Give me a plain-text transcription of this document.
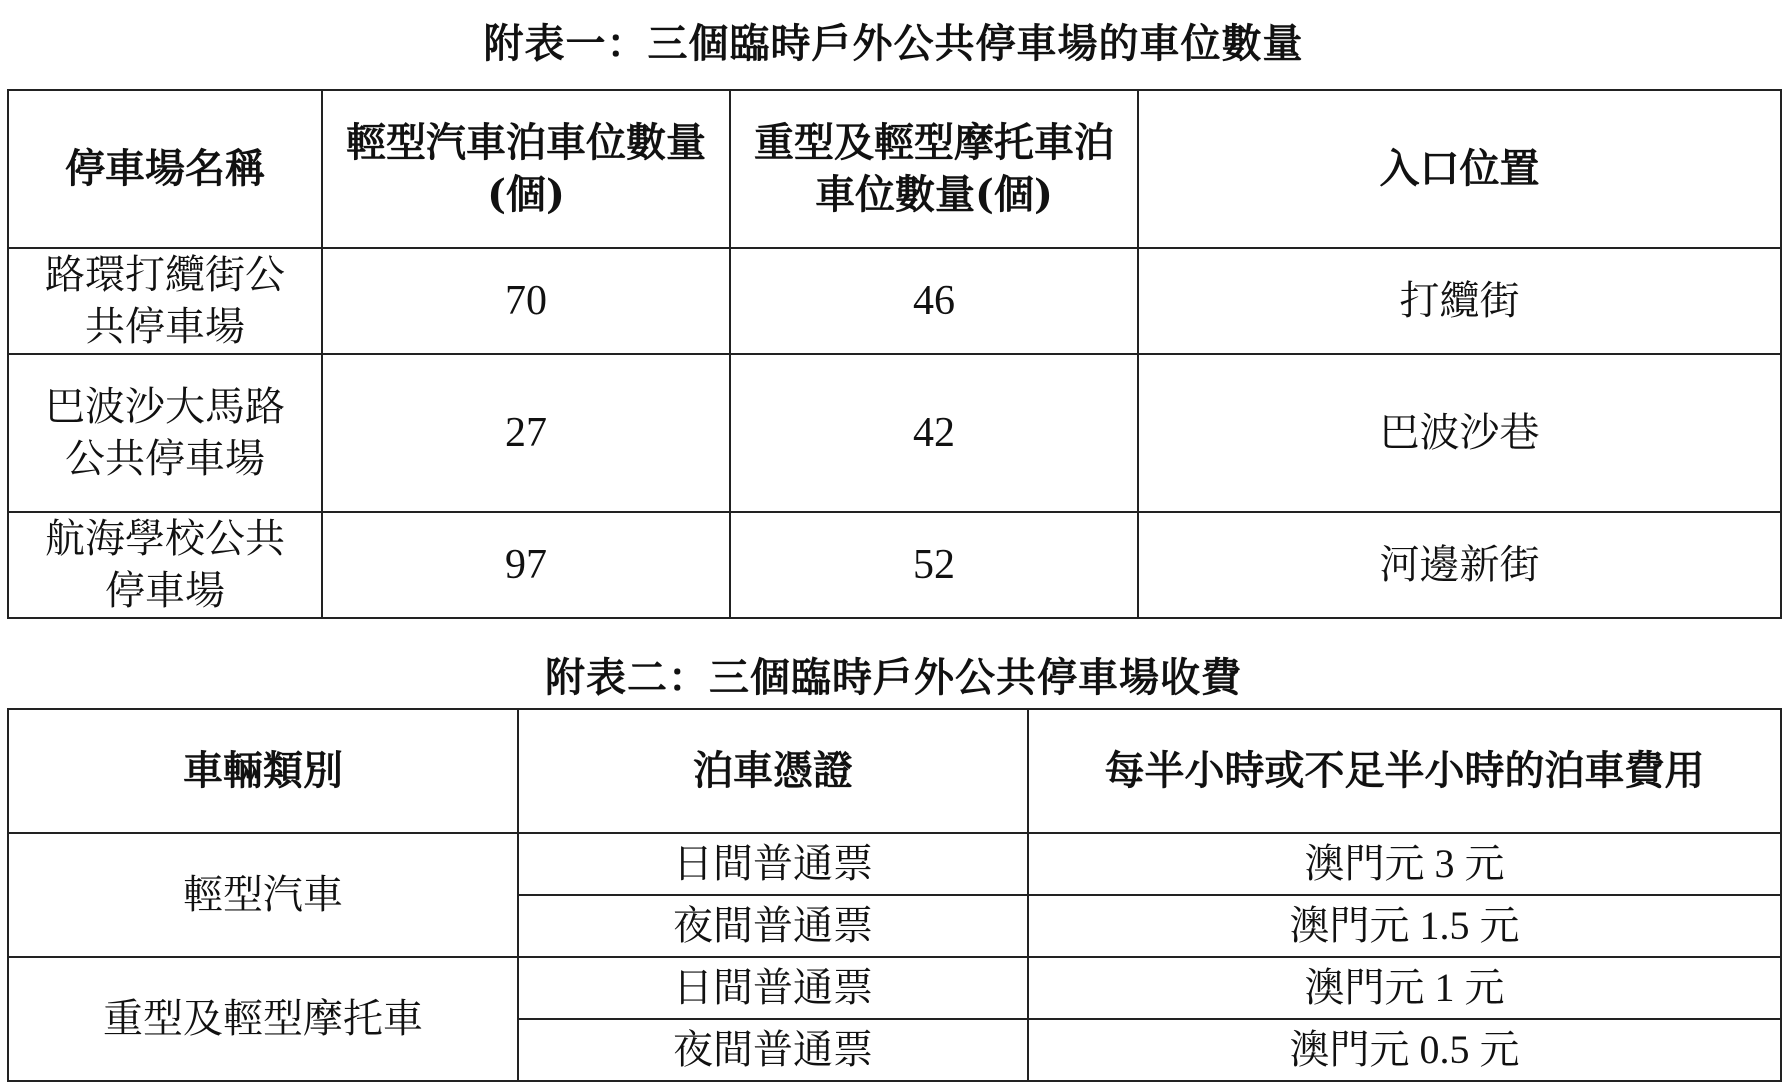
附表一：三個臨時戶外公共停車場的車位數量
停車場名稱	輕型汽車泊車位數量(個)	重型及輕型摩托車泊車位數量(個)	入口位置
路環打纜街公共停車場	70	46	打纜街
巴波沙大馬路公共停車場	27	42	巴波沙巷
航海學校公共停車場	97	52	河邊新街
附表二：三個臨時戶外公共停車場收費
車輛類別	泊車憑證	每半小時或不足半小時的泊車費用
輕型汽車	日間普通票	澳門元 3 元
	夜間普通票	澳門元 1.5 元
重型及輕型摩托車	日間普通票	澳門元 1 元
	夜間普通票	澳門元 0.5 元
